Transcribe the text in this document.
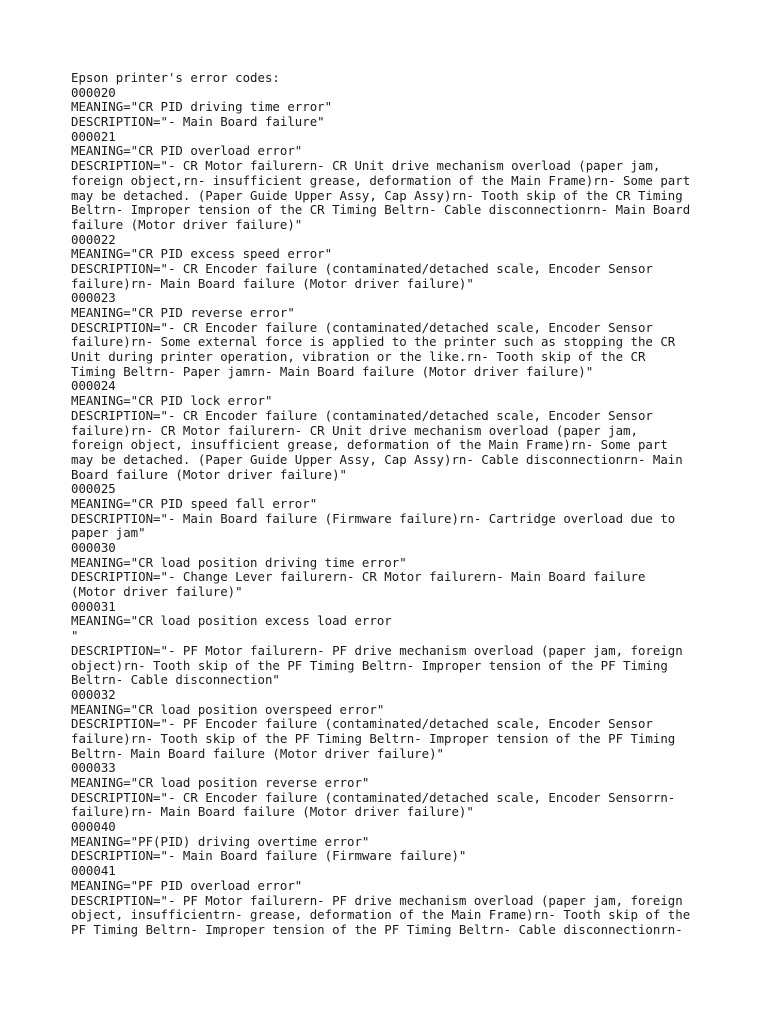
Epson printer's error codes:

000020

MEANING="CR PID driving time error"

DESCRIPTION="- Main Board failure"

000021

MEANING="CR PID overload error"

DESCRIPTION="- CR Motor failurern- CR Unit drive mechanism overload (paper jam,

foreign object,rn- insufficient grease, deformation of the Main Frame)rn- Some part

may be detached. (Paper Guide Upper Assy, Cap Assy)rn- Tooth skip of the CR Timing

Beltrn- Improper tension of the CR Timing Beltrn- Cable disconnectionrn- Main Board

failure (Motor driver failure)"

000022

MEANING="CR PID excess speed error"

DESCRIPTION="- CR Encoder failure (contaminated/detached scale, Encoder Sensor

failure)rn- Main Board failure (Motor driver failure)"

000023

MEANING="CR PID reverse error"

DESCRIPTION="- CR Encoder failure (contaminated/detached scale, Encoder Sensor

failure)rn- Some external force is applied to the printer such as stopping the CR

Unit during printer operation, vibration or the like.rn- Tooth skip of the CR

Timing Beltrn- Paper jamrn- Main Board failure (Motor driver failure)"

000024

MEANING="CR PID lock error"

DESCRIPTION="- CR Encoder failure (contaminated/detached scale, Encoder Sensor

failure)rn- CR Motor failurern- CR Unit drive mechanism overload (paper jam,

foreign object, insufficient grease, deformation of the Main Frame)rn- Some part

may be detached. (Paper Guide Upper Assy, Cap Assy)rn- Cable disconnectionrn- Main

Board failure (Motor driver failure)"

000025

MEANING="CR PID speed fall error"

DESCRIPTION="- Main Board failure (Firmware failure)rn- Cartridge overload due to

paper jam"

000030

MEANING="CR load position driving time error"

DESCRIPTION="- Change Lever failurern- CR Motor failurern- Main Board failure

(Motor driver failure)"

000031

MEANING="CR load position excess load error

"

DESCRIPTION="- PF Motor failurern- PF drive mechanism overload (paper jam, foreign

object)rn- Tooth skip of the PF Timing Beltrn- Improper tension of the PF Timing

Beltrn- Cable disconnection"

000032

MEANING="CR load position overspeed error"

DESCRIPTION="- PF Encoder failure (contaminated/detached scale, Encoder Sensor

failure)rn- Tooth skip of the PF Timing Beltrn- Improper tension of the PF Timing

Beltrn- Main Board failure (Motor driver failure)"

000033

MEANING="CR load position reverse error"

DESCRIPTION="- CR Encoder failure (contaminated/detached scale, Encoder Sensorrn-

failure)rn- Main Board failure (Motor driver failure)"

000040

MEANING="PF(PID) driving overtime error"

DESCRIPTION="- Main Board failure (Firmware failure)"

000041

MEANING="PF PID overload error"

DESCRIPTION="- PF Motor failurern- PF drive mechanism overload (paper jam, foreign

object, insufficientrn- grease, deformation of the Main Frame)rn- Tooth skip of the

PF Timing Beltrn- Improper tension of the PF Timing Beltrn- Cable disconnectionrn-
